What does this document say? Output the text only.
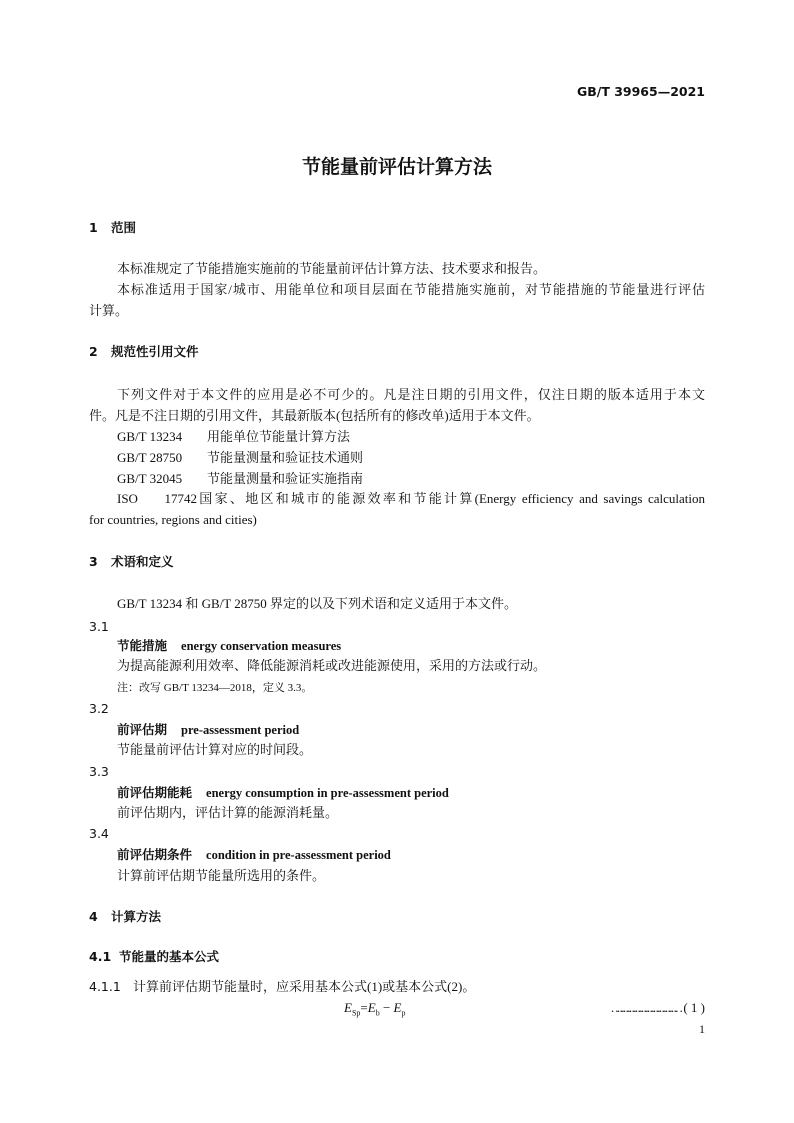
GB/T 39965—2021
节能量前评估计算方法
1 范围
本标准规定了节能措施实施前的节能量前评估计算方法、技术要求和报告。
本标准适用于国家/城市、用能单位和项目层面在节能措施实施前，对节能措施的节能量进行评估
计算。
2 规范性引用文件
下列文件对于本文件的应用是必不可少的。凡是注日期的引用文件，仅注日期的版本适用于本文
件。凡是不注日期的引用文件，其最新版本(包括所有的修改单)适用于本文件。
GB/T 13234 用能单位节能量计算方法
GB/T 28750 节能量测量和验证技术通则
GB/T 32045 节能量测量和验证实施指南
ISO 17742国家、地区和城市的能源效率和节能计算(Energy efficiency and savings calculation
for countries, regions and cities)
3 术语和定义
GB/T 13234 和 GB/T 28750 界定的以及下列术语和定义适用于本文件。
3.1
节能措施 energy conservation measures
为提高能源利用效率、降低能源消耗或改进能源使用，采用的方法或行动。
注：改写 GB/T 13234—2018，定义 3.3。
3.2
前评估期 pre-assessment period
节能量前评估计算对应的时间段。
3.3
前评估期能耗 energy consumption in pre-assessment period
前评估期内，评估计算的能源消耗量。
3.4
前评估期条件 condition in pre-assessment period
计算前评估期节能量所选用的条件。
4 计算方法
4.1 节能量的基本公式
4.1.1 计算前评估期节能量时，应采用基本公式(1)或基本公式(2)。
$E_{Sp}=E_b - E_p$	…………………………… ( 1 )
1
